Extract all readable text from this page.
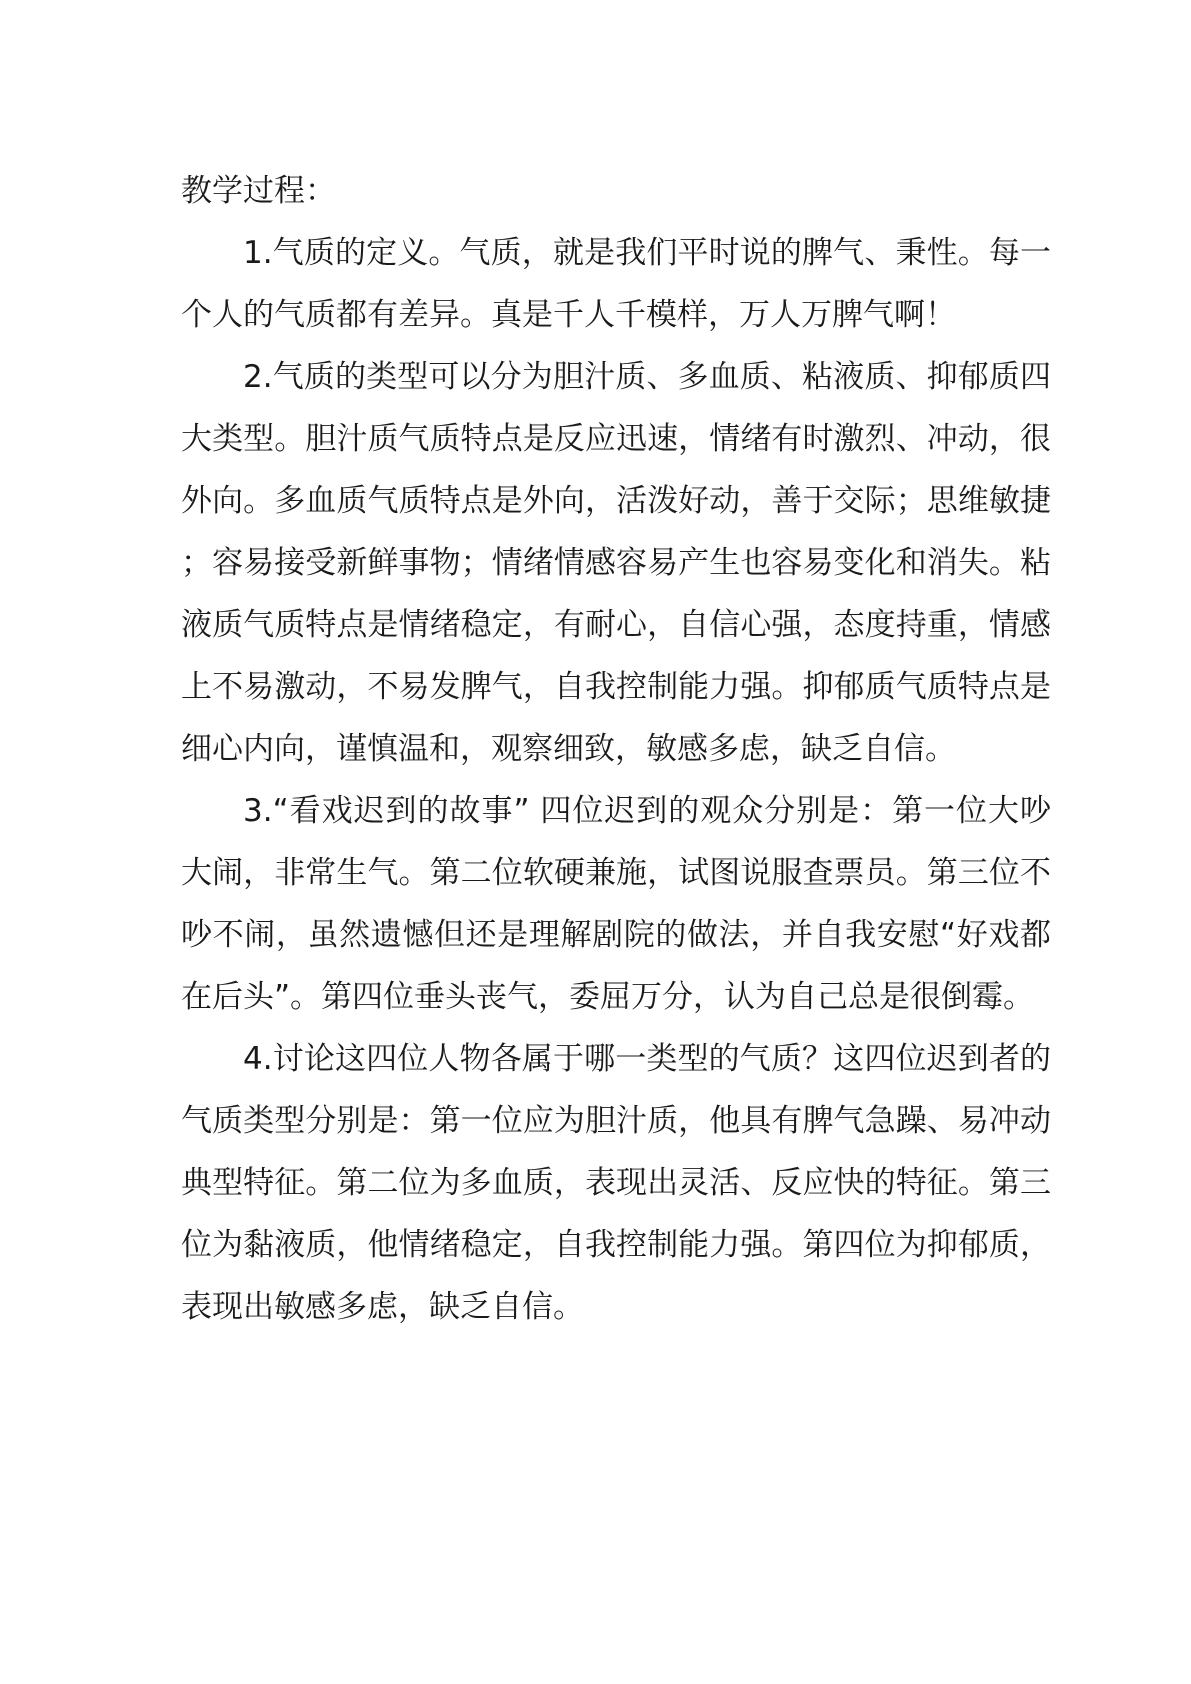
教学过程：

1.气质的定义。气质，就是我们平时说的脾气、秉性。每一个人的气质都有差异。真是千人千模样，万人万脾气啊！

2.气质的类型可以分为胆汁质、多血质、粘液质、抑郁质四大类型。胆汁质气质特点是反应迅速，情绪有时激烈、冲动，很外向。多血质气质特点是外向，活泼好动，善于交际；思维敏捷；容易接受新鲜事物；情绪情感容易产生也容易变化和消失。粘液质气质特点是情绪稳定，有耐心，自信心强，态度持重，情感上不易激动，不易发脾气，自我控制能力强。抑郁质气质特点是细心内向，谨慎温和，观察细致，敏感多虑，缺乏自信。

3.“看戏迟到的故事” 四位迟到的观众分别是：第一位大吵大闹，非常生气。第二位软硬兼施，试图说服查票员。第三位不吵不闹，虽然遗憾但还是理解剧院的做法，并自我安慰“好戏都在后头”。第四位垂头丧气，委屈万分，认为自己总是很倒霉。

4.讨论这四位人物各属于哪一类型的气质？这四位迟到者的气质类型分别是：第一位应为胆汁质，他具有脾气急躁、易冲动典型特征。第二位为多血质，表现出灵活、反应快的特征。第三位为黏液质，他情绪稳定，自我控制能力强。第四位为抑郁质，表现出敏感多虑，缺乏自信。
